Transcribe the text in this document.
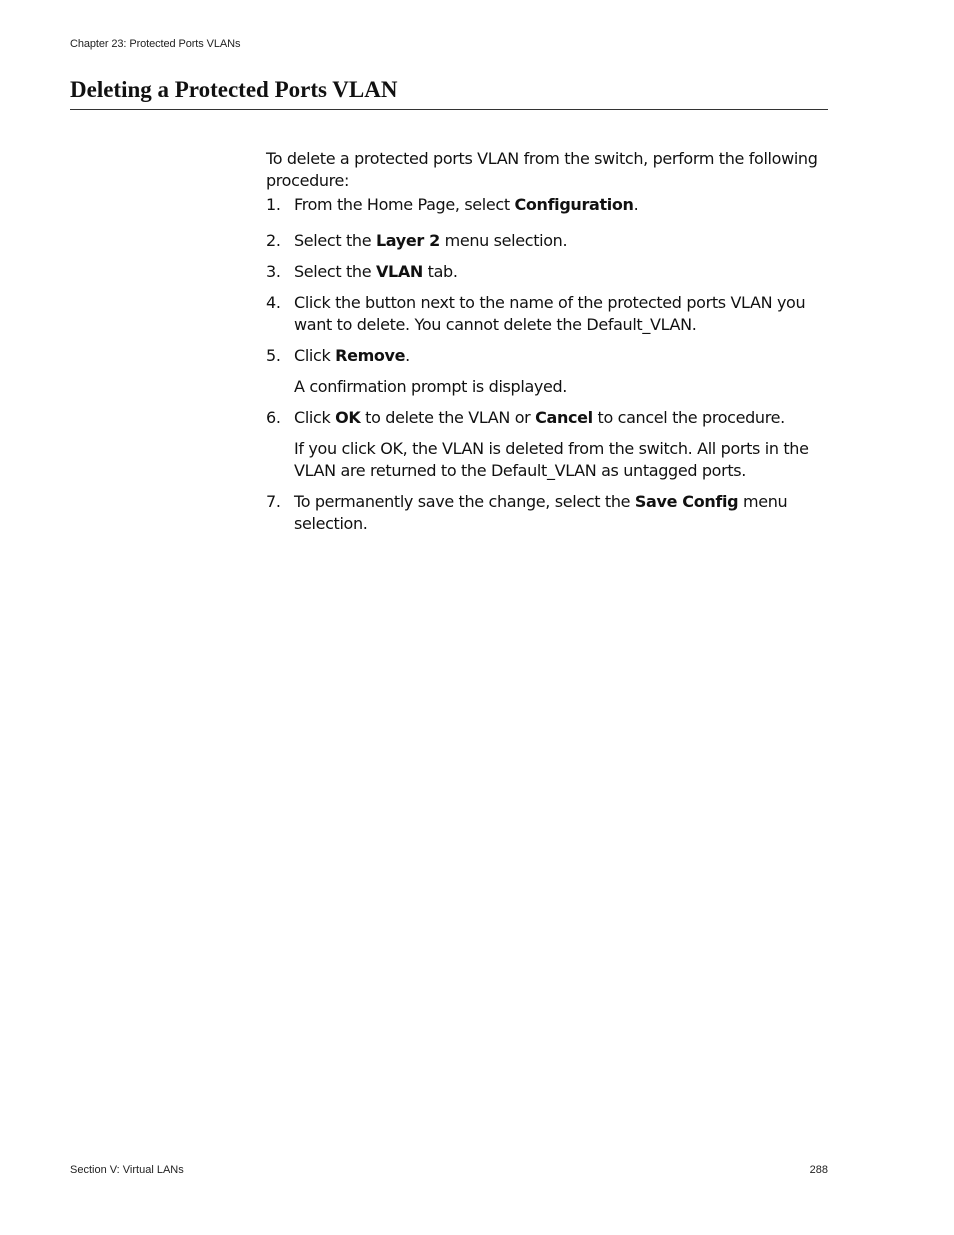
Chapter 23: Protected Ports VLANs
Deleting a Protected Ports VLAN

To delete a protected ports VLAN from the switch, perform the following procedure:

1. From the Home Page, select Configuration.
2. Select the Layer 2 menu selection.
3. Select the VLAN tab.
4. Click the button next to the name of the protected ports VLAN you want to delete. You cannot delete the Default_VLAN.
5. Click Remove.
A confirmation prompt is displayed.
6. Click OK to delete the VLAN or Cancel to cancel the procedure.
If you click OK, the VLAN is deleted from the switch. All ports in the VLAN are returned to the Default_VLAN as untagged ports.
7. To permanently save the change, select the Save Config menu selection.
Section V: Virtual LANs	288
